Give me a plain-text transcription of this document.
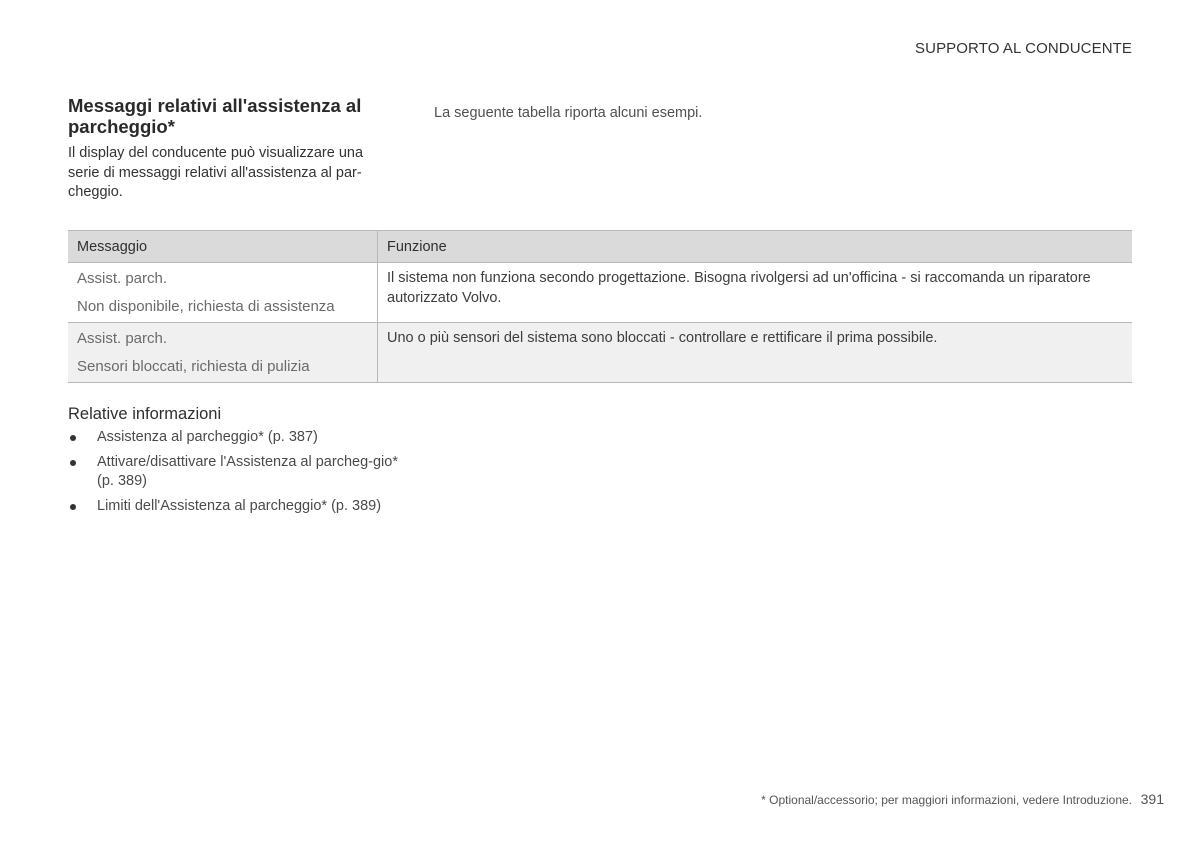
SUPPORTO AL CONDUCENTE
Messaggi relativi all'assistenza al parcheggio*

Il display del conducente può visualizzare una serie di messaggi relativi all'assistenza al par-cheggio.

La seguente tabella riporta alcuni esempi.
Messaggio	Funzione

Assist. parch.
Non disponibile, richiesta di assistenza	Il sistema non funziona secondo progettazione. Bisogna rivolgersi ad un'officina - si raccomanda un riparatore autorizzato Volvo.

Assist. parch.
Sensori bloccati, richiesta di pulizia	Uno o più sensori del sistema sono bloccati - controllare e rettificare il prima possibile.
Relative informazioni
Assistenza al parcheggio* (p. 387)
Attivare/disattivare l'Assistenza al parcheg-gio* (p. 389)
Limiti dell'Assistenza al parcheggio* (p. 389)
* Optional/accessorio; per maggiori informazioni, vedere Introduzione. 391
